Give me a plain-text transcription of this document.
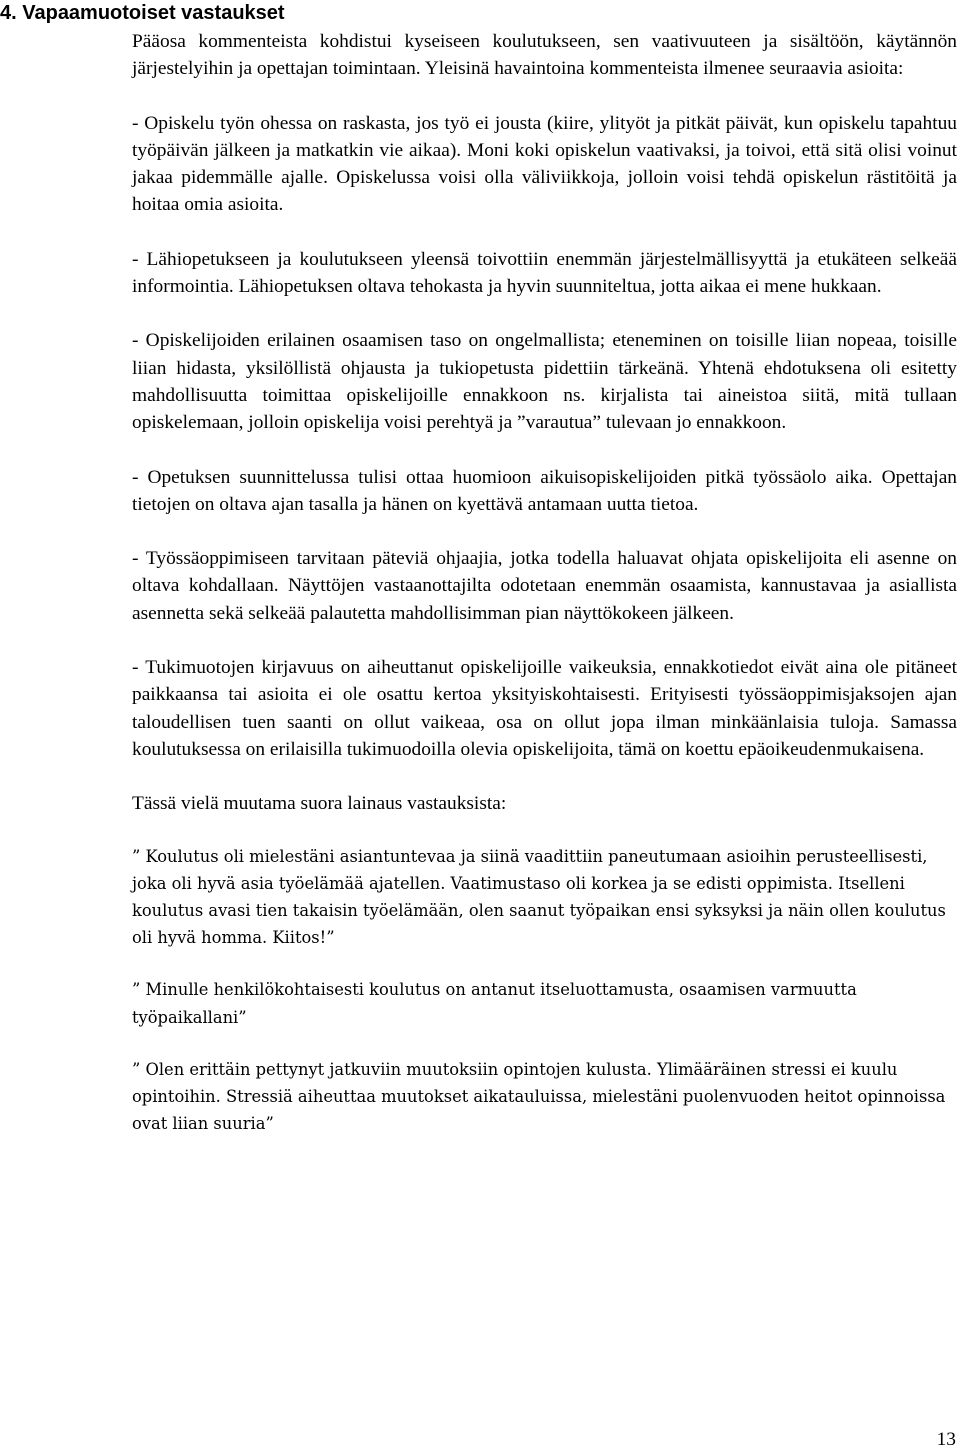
4. Vapaamuotoiset vastaukset

Pääosa kommenteista kohdistui kyseiseen koulutukseen, sen vaativuuteen ja sisältöön, käytännön järjestelyihin ja opettajan toimintaan. Yleisinä havaintoina kommenteista ilmenee seuraavia asioita:

- Opiskelu työn ohessa on raskasta, jos työ ei jousta (kiire, ylityöt ja pitkät päivät, kun opiskelu tapahtuu työpäivän jälkeen ja matkatkin vie aikaa). Moni koki opiskelun vaativaksi, ja toivoi, että sitä olisi voinut jakaa pidemmälle ajalle. Opiskelussa voisi olla väliviikkoja, jolloin voisi tehdä opiskelun rästitöitä ja hoitaa omia asioita.

- Lähiopetukseen ja koulutukseen yleensä toivottiin enemmän järjestelmällisyyttä ja etukäteen selkeää informointia. Lähiopetuksen oltava tehokasta ja hyvin suunniteltua, jotta aikaa ei mene hukkaan.

- Opiskelijoiden erilainen osaamisen taso on ongelmallista; eteneminen on toisille liian nopeaa, toisille liian hidasta, yksilöllistä ohjausta ja tukiopetusta pidettiin tärkeänä. Yhtenä ehdotuksena oli esitetty mahdollisuutta toimittaa opiskelijoille ennakkoon ns. kirjalista tai aineistoa siitä, mitä tullaan opiskelemaan, jolloin opiskelija voisi perehtyä ja ”varautua” tulevaan jo ennakkoon.

- Opetuksen suunnittelussa tulisi ottaa huomioon aikuisopiskelijoiden pitkä työssäolo aika. Opettajan tietojen on oltava ajan tasalla ja hänen on kyettävä antamaan uutta tietoa.

- Työssäoppimiseen tarvitaan päteviä ohjaajia, jotka todella haluavat ohjata opiskelijoita eli asenne on oltava kohdallaan. Näyttöjen vastaanottajilta odotetaan enemmän osaamista, kannustavaa ja asiallista asennetta sekä selkeää palautetta mahdollisimman pian näyttökokeen jälkeen.

- Tukimuotojen kirjavuus on aiheuttanut opiskelijoille vaikeuksia, ennakkotiedot eivät aina ole pitäneet paikkaansa tai asioita ei ole osattu kertoa yksityiskohtaisesti. Erityisesti työssäoppimisjaksojen ajan taloudellisen tuen saanti on ollut vaikeaa, osa on ollut jopa ilman minkäänlaisia tuloja. Samassa koulutuksessa on erilaisilla tukimuodoilla olevia opiskelijoita, tämä on koettu epäoikeudenmukaisena.

Tässä vielä muutama suora lainaus vastauksista:

” Koulutus oli mielestäni asiantuntevaa ja siinä vaadittiin paneutumaan asioihin perusteellisesti, joka oli hyvä asia työelämää ajatellen. Vaatimustaso oli korkea ja se edisti oppimista. Itselleni koulutus avasi tien takaisin työelämään, olen saanut työpaikan ensi syksyksi ja näin ollen koulutus oli hyvä homma. Kiitos!”

” Minulle henkilökohtaisesti koulutus on antanut itseluottamusta, osaamisen varmuutta työpaikallani”

” Olen erittäin pettynyt jatkuviin muutoksiin opintojen kulusta. Ylimääräinen stressi ei kuulu opintoihin. Stressiä aiheuttaa muutokset aikatauluissa, mielestäni puolenvuoden heitot opinnoissa ovat liian suuria”

13
